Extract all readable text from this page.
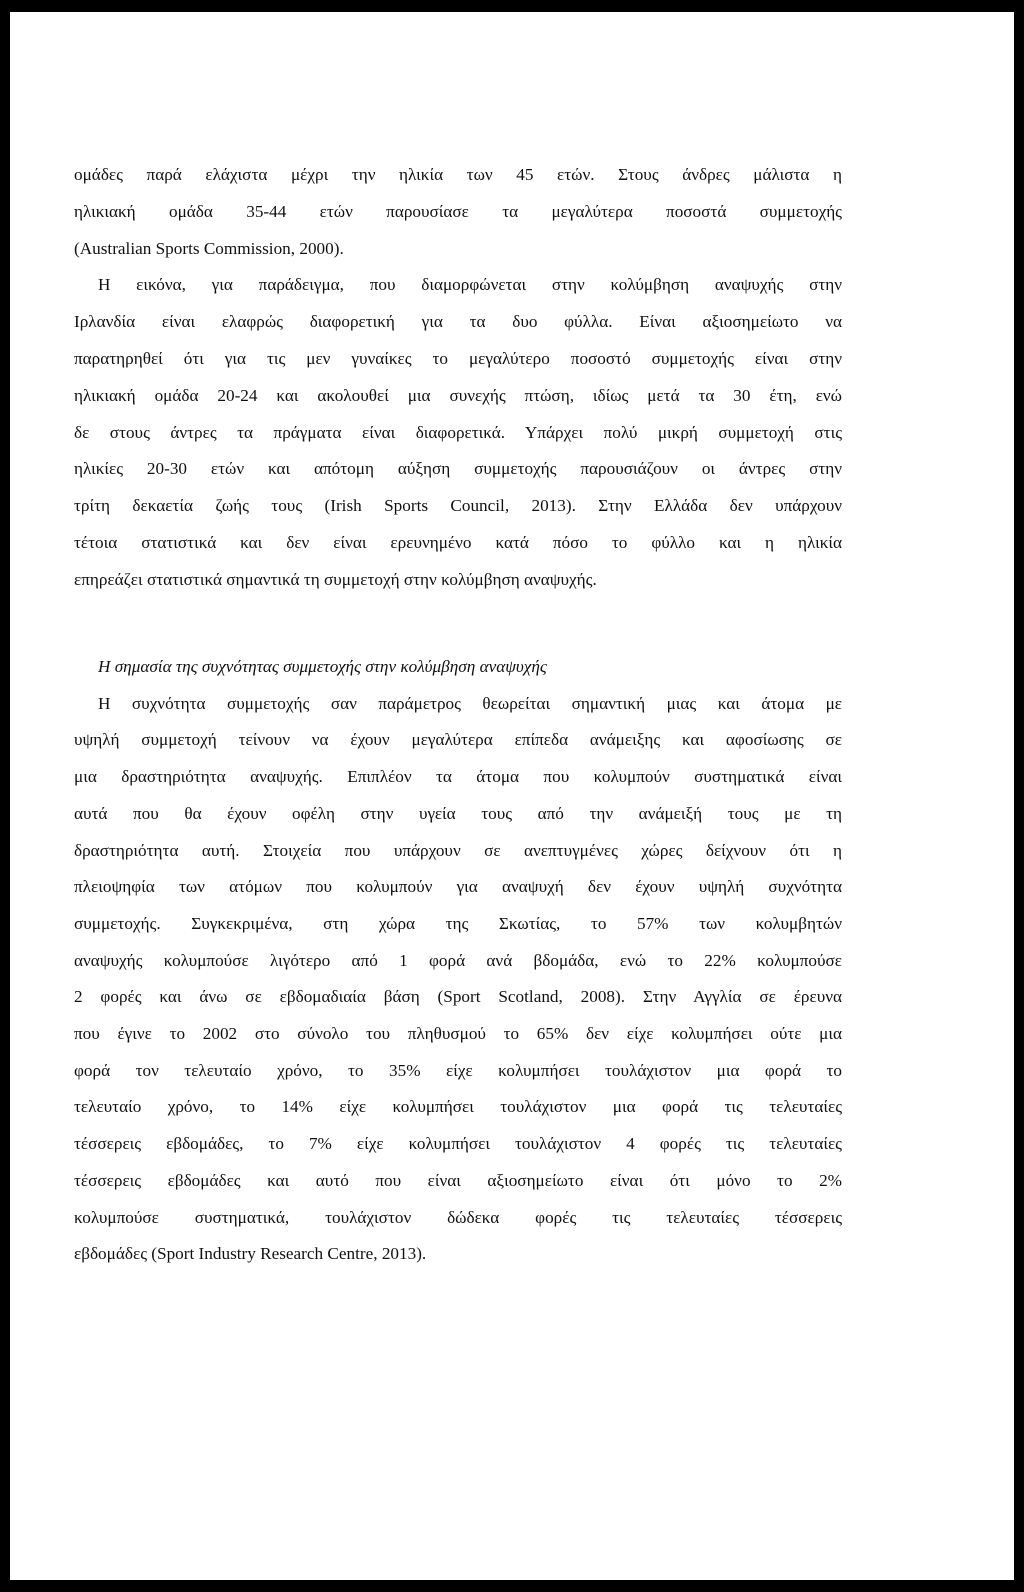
ομάδες παρά ελάχιστα μέχρι την ηλικία των 45 ετών. Στους άνδρες μάλιστα η
ηλικιακή ομάδα 35-44 ετών παρουσίασε τα μεγαλύτερα ποσοστά συμμετοχής
(Australian Sports Commission, 2000).
Η εικόνα, για παράδειγμα, που διαμορφώνεται στην κολύμβηση αναψυχής στην
Ιρλανδία είναι ελαφρώς διαφορετική για τα δυο φύλλα. Είναι αξιοσημείωτο να
παρατηρηθεί ότι για τις μεν γυναίκες το μεγαλύτερο ποσοστό συμμετοχής είναι στην
ηλικιακή ομάδα 20-24 και ακολουθεί μια συνεχής πτώση, ιδίως μετά τα 30 έτη, ενώ
δε στους άντρες τα πράγματα είναι διαφορετικά. Υπάρχει πολύ μικρή συμμετοχή στις
ηλικίες 20-30 ετών και απότομη αύξηση συμμετοχής παρουσιάζουν οι άντρες στην
τρίτη δεκαετία ζωής τους (Irish Sports Council, 2013). Στην Ελλάδα δεν υπάρχουν
τέτοια στατιστικά και δεν είναι ερευνημένο κατά πόσο το φύλλο και η ηλικία
επηρεάζει στατιστικά σημαντικά τη συμμετοχή στην κολύμβηση αναψυχής.
Η σημασία της συχνότητας συμμετοχής στην κολύμβηση αναψυχής
Η συχνότητα συμμετοχής σαν παράμετρος θεωρείται σημαντική μιας και άτομα με
υψηλή συμμετοχή τείνουν να έχουν μεγαλύτερα επίπεδα ανάμειξης και αφοσίωσης σε
μια δραστηριότητα αναψυχής. Επιπλέον τα άτομα που κολυμπούν συστηματικά είναι
αυτά που θα έχουν οφέλη στην υγεία τους από την ανάμειξή τους με τη
δραστηριότητα αυτή. Στοιχεία που υπάρχουν σε ανεπτυγμένες χώρες δείχνουν ότι η
πλειοψηφία των ατόμων που κολυμπούν για αναψυχή δεν έχουν υψηλή συχνότητα
συμμετοχής. Συγκεκριμένα, στη χώρα της Σκωτίας, το 57% των κολυμβητών
αναψυχής κολυμπούσε λιγότερο από 1 φορά ανά βδομάδα, ενώ το 22% κολυμπούσε
2 φορές και άνω σε εβδομαδιαία βάση (Sport Scotland, 2008). Στην Αγγλία σε έρευνα
που έγινε το 2002 στο σύνολο του πληθυσμού το 65% δεν είχε κολυμπήσει ούτε μια
φορά τον τελευταίο χρόνο, το 35% είχε κολυμπήσει τουλάχιστον μια φορά το
τελευταίο χρόνο, το 14% είχε κολυμπήσει τουλάχιστον μια φορά τις τελευταίες
τέσσερεις εβδομάδες, το 7% είχε κολυμπήσει τουλάχιστον 4 φορές τις τελευταίες
τέσσερεις εβδομάδες και αυτό που είναι αξιοσημείωτο είναι ότι μόνο το 2%
κολυμπούσε συστηματικά, τουλάχιστον δώδεκα φορές τις τελευταίες τέσσερεις
εβδομάδες (Sport Industry Research Centre, 2013).
